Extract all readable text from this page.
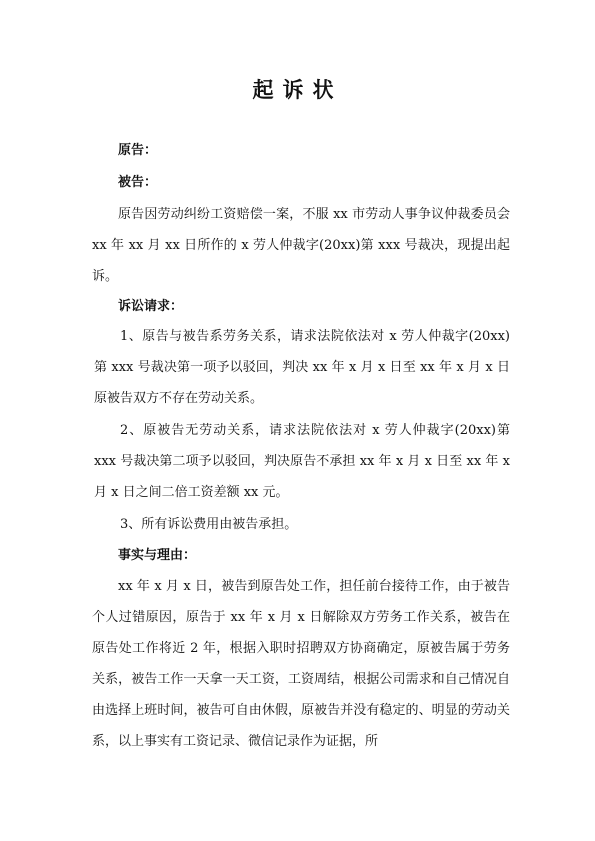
起诉状

原告：

被告：

原告因劳动纠纷工资赔偿一案，不服 xx 市劳动人事争议仲裁委员会 xx 年 xx 月 xx 日所作的 x 劳人仲裁字(20xx)第 xxx 号裁决，现提出起诉。

诉讼请求：

1、原告与被告系劳务关系，请求法院依法对 x 劳人仲裁字(20xx)第 xxx 号裁决第一项予以驳回，判决 xx 年 x 月 x 日至 xx 年 x 月 x 日原被告双方不存在劳动关系。

2、原被告无劳动关系，请求法院依法对 x 劳人仲裁字(20xx)第 xxx 号裁决第二项予以驳回，判决原告不承担 xx 年 x 月 x 日至 xx 年 x 月 x 日之间二倍工资差额 xx 元。

3、所有诉讼费用由被告承担。

事实与理由：

xx 年 x 月 x 日，被告到原告处工作，担任前台接待工作，由于被告个人过错原因，原告于 xx 年 x 月 x 日解除双方劳务工作关系，被告在原告处工作将近 2 年，根据入职时招聘双方协商确定，原被告属于劳务关系，被告工作一天拿一天工资，工资周结，根据公司需求和自己情况自由选择上班时间，被告可自由休假，原被告并没有稳定的、明显的劳动关系，以上事实有工资记录、微信记录作为证据，所
